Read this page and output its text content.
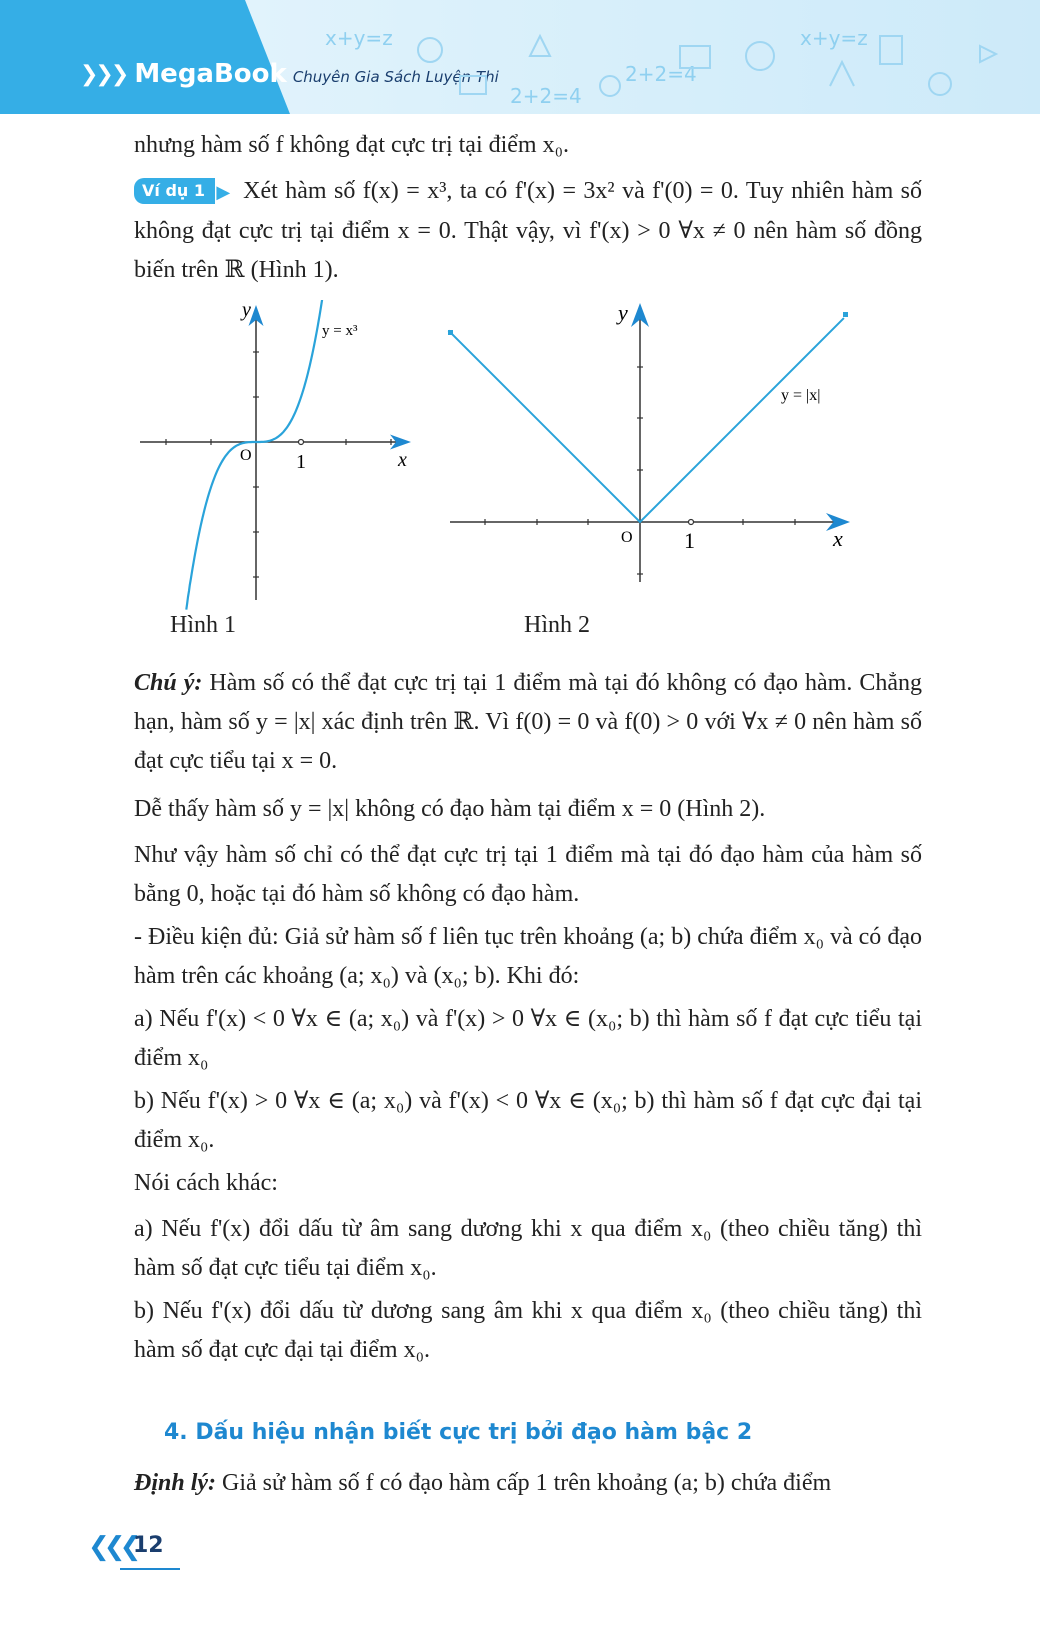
❯❯❯ MegaBook Chuyên Gia Sách Luyện Thi
x+y=z
2+2=4
2+2=4
x+y=z
nhưng hàm số f không đạt cực trị tại điểm x₀.
Ví dụ 1 ▶ Xét hàm số f(x) = x³, ta có f'(x) = 3x² và f'(0) = 0. Tuy nhiên hàm số không đạt cực trị tại điểm x = 0. Thật vậy, vì f'(x) > 0 ∀x ≠ 0 nên hàm số đồng biến trên ℝ (Hình 1).
Chú ý: Hàm số có thể đạt cực trị tại 1 điểm mà tại đó không có đạo hàm. Chẳng hạn, hàm số y = |x| xác định trên ℝ. Vì f(0) = 0 và f(0) > 0 với ∀x ≠ 0 nên hàm số đạt cực tiểu tại x = 0.
Dễ thấy hàm số y = |x| không có đạo hàm tại điểm x = 0 (Hình 2).
Như vậy hàm số chỉ có thể đạt cực trị tại 1 điểm mà tại đó đạo hàm của hàm số bằng 0, hoặc tại đó hàm số không có đạo hàm.
- Điều kiện đủ: Giả sử hàm số f liên tục trên khoảng (a; b) chứa điểm x₀ và có đạo hàm trên các khoảng (a; x₀) và (x₀; b). Khi đó:
a) Nếu f'(x) < 0 ∀x ∈ (a; x₀) và f'(x) > 0 ∀x ∈ (x₀; b) thì hàm số f đạt cực tiểu tại điểm x₀
b) Nếu f'(x) > 0 ∀x ∈ (a; x₀) và f'(x) < 0 ∀x ∈ (x₀; b) thì hàm số f đạt cực đại tại điểm x₀.
Nói cách khác:
a) Nếu f'(x) đổi dấu từ âm sang dương khi x qua điểm x₀ (theo chiều tăng) thì hàm số đạt cực tiểu tại điểm x₀.
b) Nếu f'(x) đổi dấu từ dương sang âm khi x qua điểm x₀ (theo chiều tăng) thì hàm số đạt cực đại tại điểm x₀.
4. Dấu hiệu nhận biết cực trị bởi đạo hàm bậc 2
Định lý: Giả sử hàm số f có đạo hàm cấp 1 trên khoảng (a; b) chứa điểm
y
x
O 1
y = x³
Hình 1
y
x
O 1
y = |x|
Hình 2
❮❮❮
12
